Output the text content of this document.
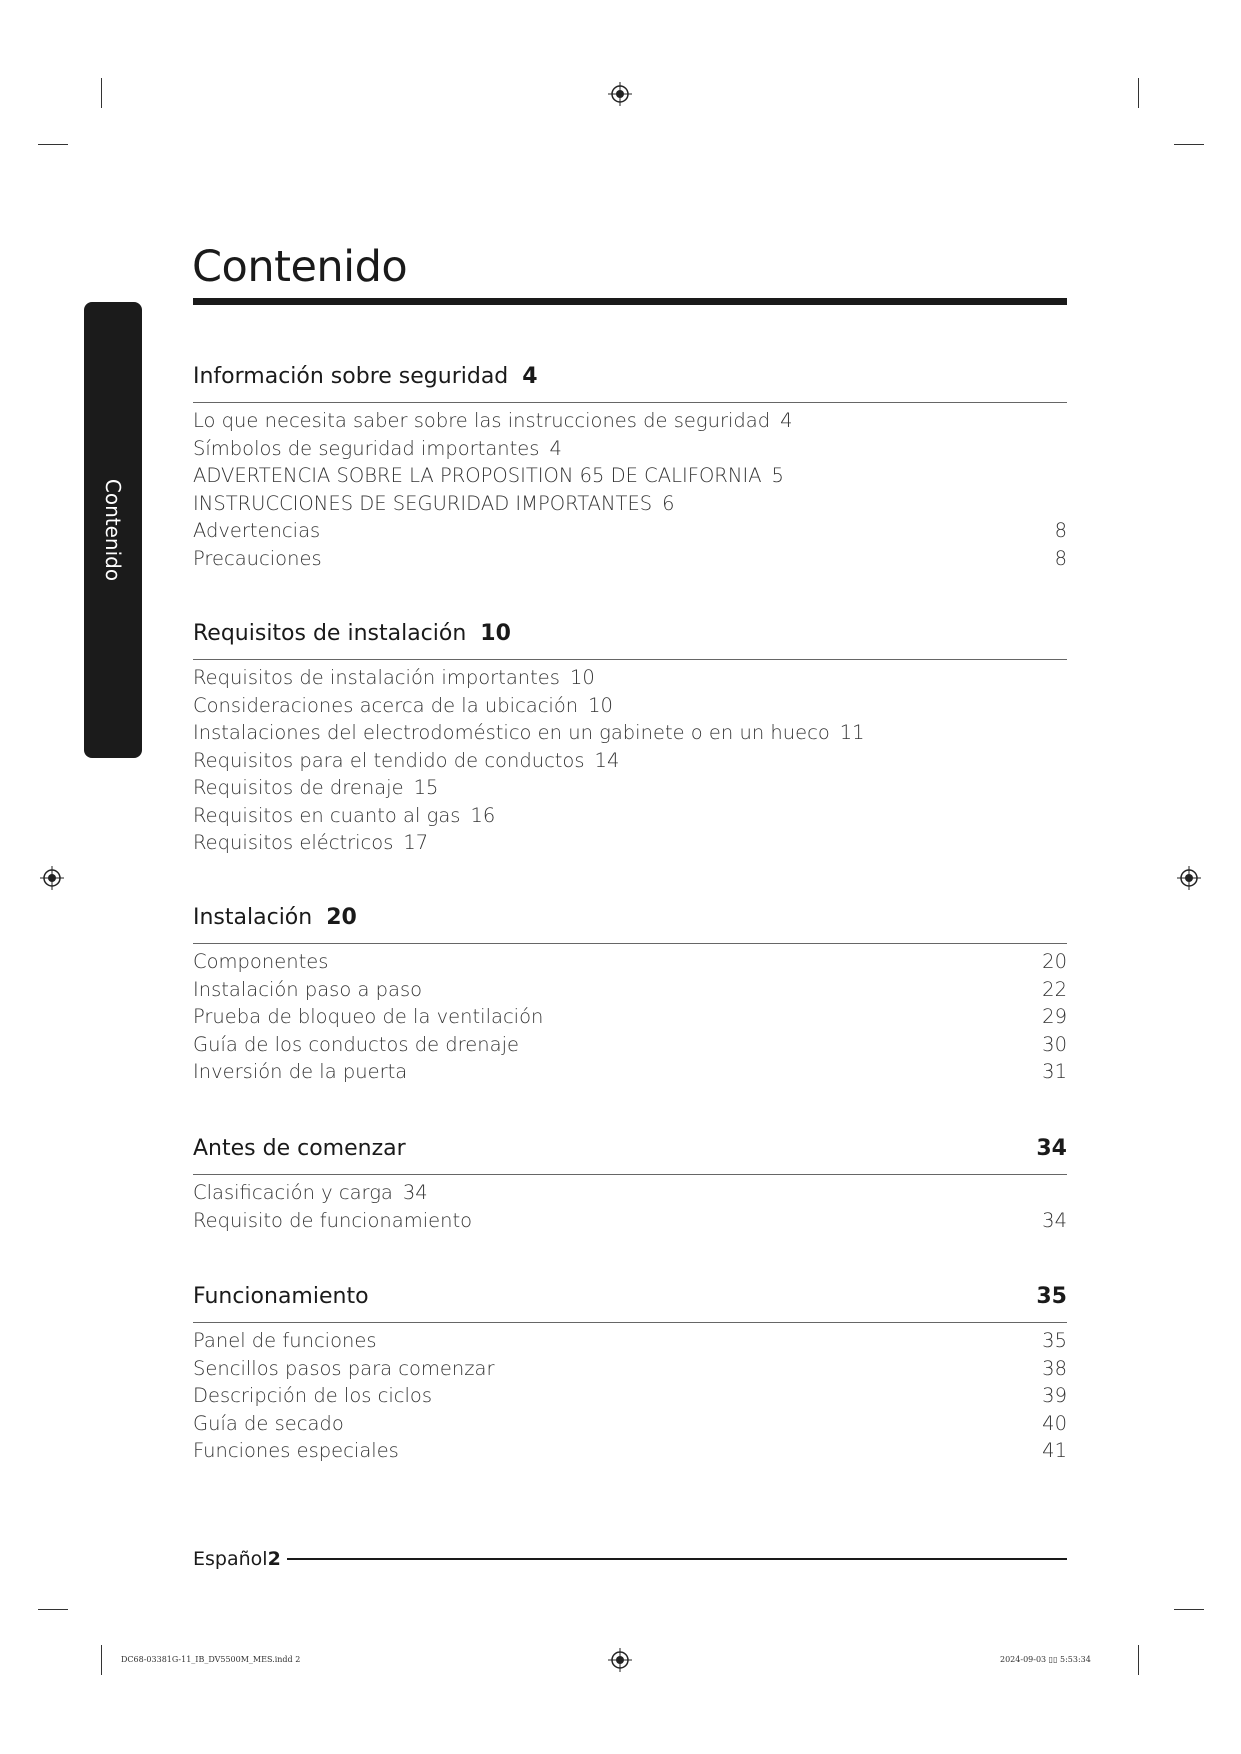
Contenido
Contenido
Información sobre seguridad 4
Lo que necesita saber sobre las instrucciones de seguridad 4
Símbolos de seguridad importantes 4
ADVERTENCIA SOBRE LA PROPOSITION 65 DE CALIFORNIA 5
INSTRUCCIONES DE SEGURIDAD IMPORTANTES 6
Advertencias	8
Precauciones	8
Requisitos de instalación 10
Requisitos de instalación importantes 10
Consideraciones acerca de la ubicación 10
Instalaciones del electrodoméstico en un gabinete o en un hueco 11
Requisitos para el tendido de conductos 14
Requisitos de drenaje 15
Requisitos en cuanto al gas 16
Requisitos eléctricos 17
Instalación 20
Componentes	20
Instalación paso a paso	22
Prueba de bloqueo de la ventilación	29
Guía de los conductos de drenaje	30
Inversión de la puerta	31
Antes de comenzar	34
Clasificación y carga 34
Requisito de funcionamiento	34
Funcionamiento	35
Panel de funciones	35
Sencillos pasos para comenzar	38
Descripción de los ciclos	39
Guía de secado	40
Funciones especiales	41
Español 2
DC68-03381G-11_IB_DV5500M_MES.indd 2	2024-09-03 ▯▯ 5:53:34
